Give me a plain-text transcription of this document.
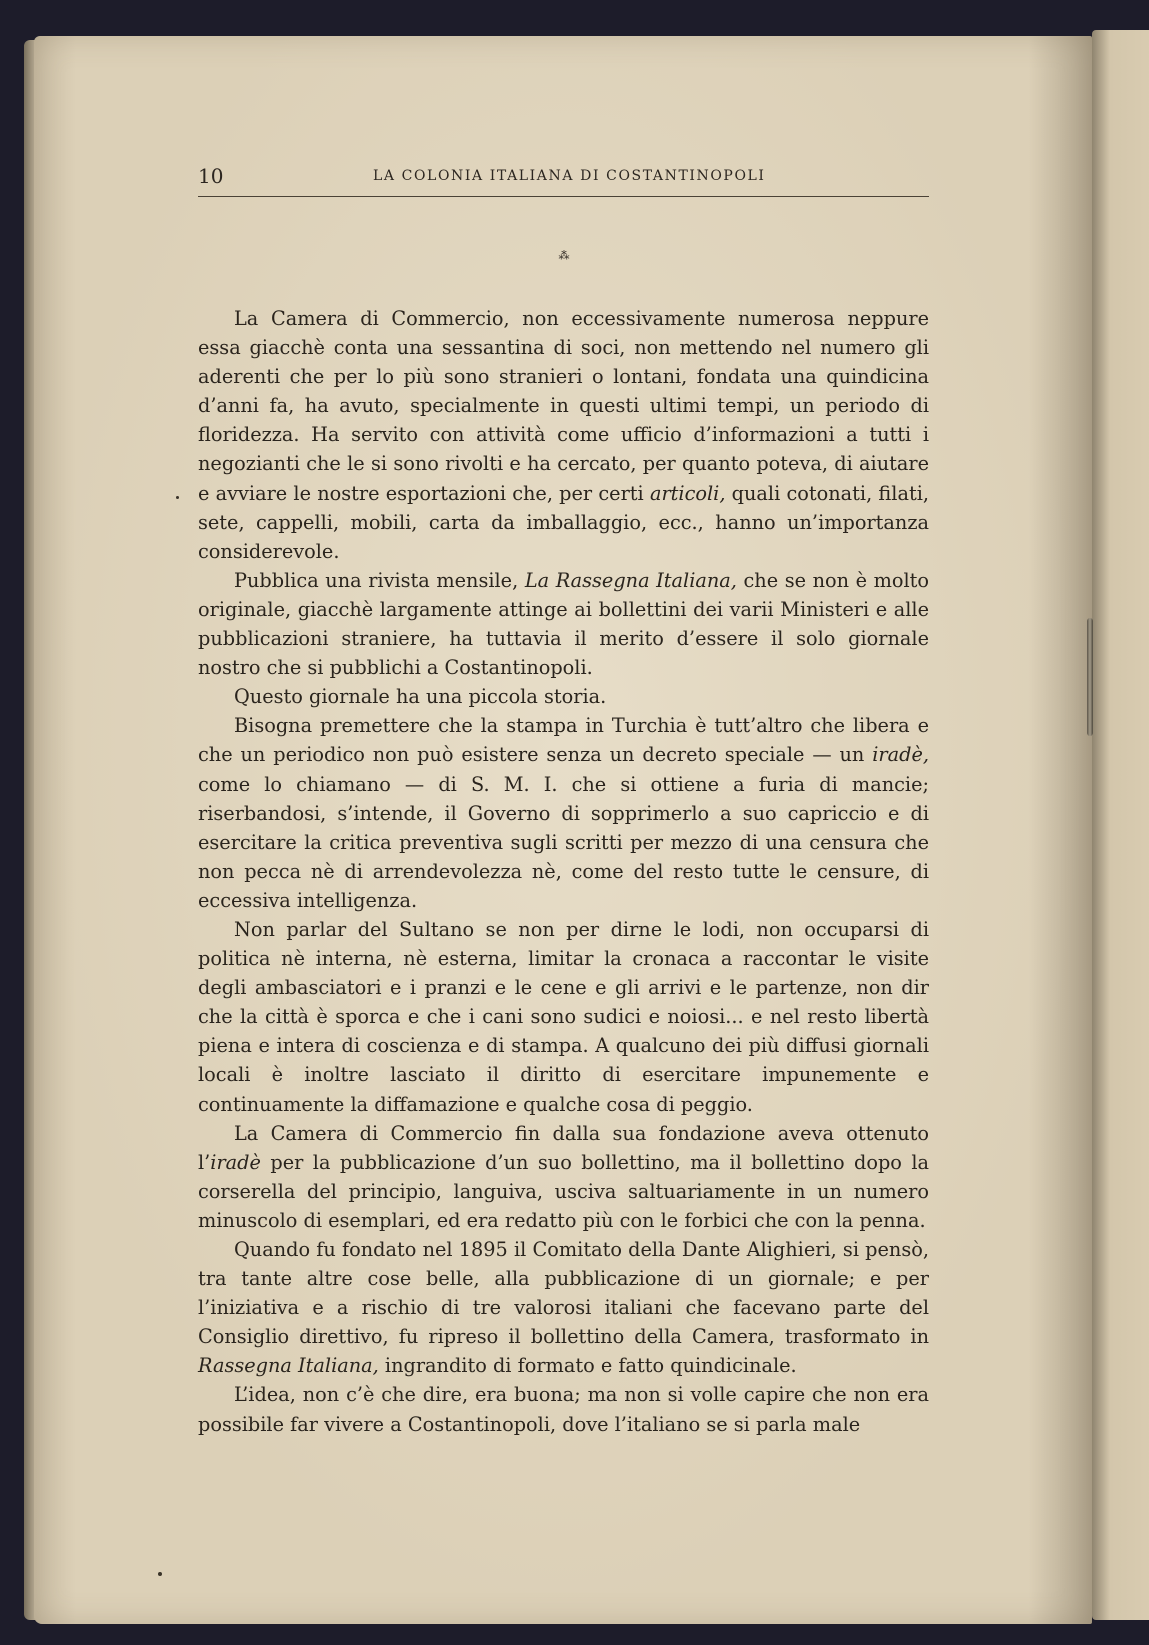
10	LA COLONIA ITALIANA DI COSTANTINOPOLI
⁂

La Camera di Commercio, non eccessivamente numerosa neppure essa giacchè conta una sessantina di soci, non mettendo nel numero gli aderenti che per lo più sono stranieri o lontani, fondata una quindicina d’anni fa, ha avuto, specialmente in questi ultimi tempi, un periodo di floridezza. Ha servito con attività come ufficio d’informazioni a tutti i negozianti che le si sono rivolti e ha cercato, per quanto poteva, di aiutare e avviare le nostre esportazioni che, per certi articoli, quali cotonati, filati, sete, cappelli, mobili, carta da imballaggio, ecc., hanno un’importanza considerevole.

Pubblica una rivista mensile, La Rassegna Italiana, che se non è molto originale, giacchè largamente attinge ai bollettini dei varii Ministeri e alle pubblicazioni straniere, ha tuttavia il merito d’essere il solo giornale nostro che si pubblichi a Costantinopoli.

Questo giornale ha una piccola storia.

Bisogna premettere che la stampa in Turchia è tutt’altro che libera e che un periodico non può esistere senza un decreto speciale — un iradè, come lo chiamano — di S. M. I. che si ottiene a furia di mancie; riserbandosi, s’intende, il Governo di sopprimerlo a suo capriccio e di esercitare la critica preventiva sugli scritti per mezzo di una censura che non pecca nè di arrendevolezza nè, come del resto tutte le censure, di eccessiva intelligenza.

Non parlar del Sultano se non per dirne le lodi, non occuparsi di politica nè interna, nè esterna, limitar la cronaca a raccontar le visite degli ambasciatori e i pranzi e le cene e gli arrivi e le partenze, non dir che la città è sporca e che i cani sono sudici e noiosi... e nel resto libertà piena e intera di coscienza e di stampa. A qualcuno dei più diffusi giornali locali è inoltre lasciato il diritto di esercitare impunemente e continuamente la diffamazione e qualche cosa di peggio.

La Camera di Commercio fin dalla sua fondazione aveva ottenuto l’iradè per la pubblicazione d’un suo bollettino, ma il bollettino dopo la corserella del principio, languiva, usciva saltuariamente in un numero minuscolo di esemplari, ed era redatto più con le forbici che con la penna.

Quando fu fondato nel 1895 il Comitato della Dante Alighieri, si pensò, tra tante altre cose belle, alla pubblicazione di un giornale; e per l’iniziativa e a rischio di tre valorosi italiani che facevano parte del Consiglio direttivo, fu ripreso il bollettino della Camera, trasformato in Rassegna Italiana, ingrandito di formato e fatto quindicinale.

L’idea, non c’è che dire, era buona; ma non si volle capire che non era possibile far vivere a Costantinopoli, dove l’italiano se si parla male
